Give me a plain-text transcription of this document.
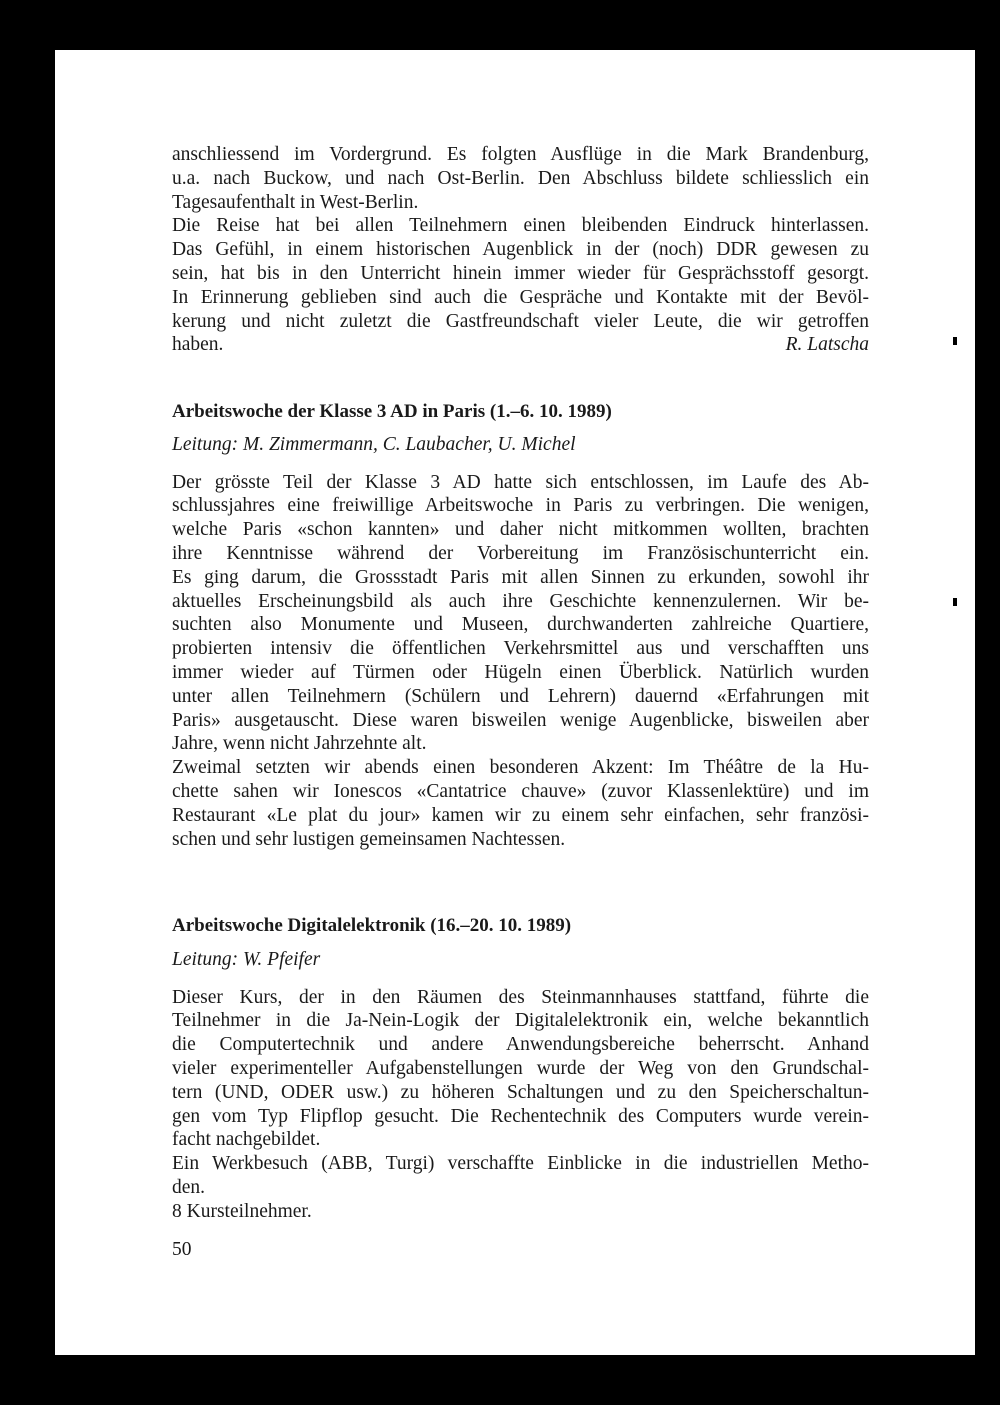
anschliessend im Vordergrund. Es folgten Ausflüge in die Mark Brandenburg,
u.a. nach Buckow, und nach Ost-Berlin. Den Abschluss bildete schliesslich ein
Tagesaufenthalt in West-Berlin.
Die Reise hat bei allen Teilnehmern einen bleibenden Eindruck hinterlassen.
Das Gefühl, in einem historischen Augenblick in der (noch) DDR gewesen zu
sein, hat bis in den Unterricht hinein immer wieder für Gesprächsstoff gesorgt.
In Erinnerung geblieben sind auch die Gespräche und Kontakte mit der Bevöl-
kerung und nicht zuletzt die Gastfreundschaft vieler Leute, die wir getroffen
haben.	R. Latscha
Arbeitswoche der Klasse 3 AD in Paris (1.–6. 10. 1989)
Leitung: M. Zimmermann, C. Laubacher, U. Michel
Der grösste Teil der Klasse 3 AD hatte sich entschlossen, im Laufe des Ab-
schlussjahres eine freiwillige Arbeitswoche in Paris zu verbringen. Die wenigen,
welche Paris «schon kannten» und daher nicht mitkommen wollten, brachten
ihre Kenntnisse während der Vorbereitung im Französischunterricht ein.
Es ging darum, die Grossstadt Paris mit allen Sinnen zu erkunden, sowohl ihr
aktuelles Erscheinungsbild als auch ihre Geschichte kennenzulernen. Wir be-
suchten also Monumente und Museen, durchwanderten zahlreiche Quartiere,
probierten intensiv die öffentlichen Verkehrsmittel aus und verschafften uns
immer wieder auf Türmen oder Hügeln einen Überblick. Natürlich wurden
unter allen Teilnehmern (Schülern und Lehrern) dauernd «Erfahrungen mit
Paris» ausgetauscht. Diese waren bisweilen wenige Augenblicke, bisweilen aber
Jahre, wenn nicht Jahrzehnte alt.
Zweimal setzten wir abends einen besonderen Akzent: Im Théâtre de la Hu-
chette sahen wir Ionescos «Cantatrice chauve» (zuvor Klassenlektüre) und im
Restaurant «Le plat du jour» kamen wir zu einem sehr einfachen, sehr französi-
schen und sehr lustigen gemeinsamen Nachtessen.
Arbeitswoche Digitalelektronik (16.–20. 10. 1989)
Leitung: W. Pfeifer
Dieser Kurs, der in den Räumen des Steinmannhauses stattfand, führte die
Teilnehmer in die Ja-Nein-Logik der Digitalelektronik ein, welche bekanntlich
die Computertechnik und andere Anwendungsbereiche beherrscht. Anhand
vieler experimenteller Aufgabenstellungen wurde der Weg von den Grundschal-
tern (UND, ODER usw.) zu höheren Schaltungen und zu den Speicherschaltun-
gen vom Typ Flipflop gesucht. Die Rechentechnik des Computers wurde verein-
facht nachgebildet.
Ein Werkbesuch (ABB, Turgi) verschaffte Einblicke in die industriellen Metho-
den.
8 Kursteilnehmer.
50
